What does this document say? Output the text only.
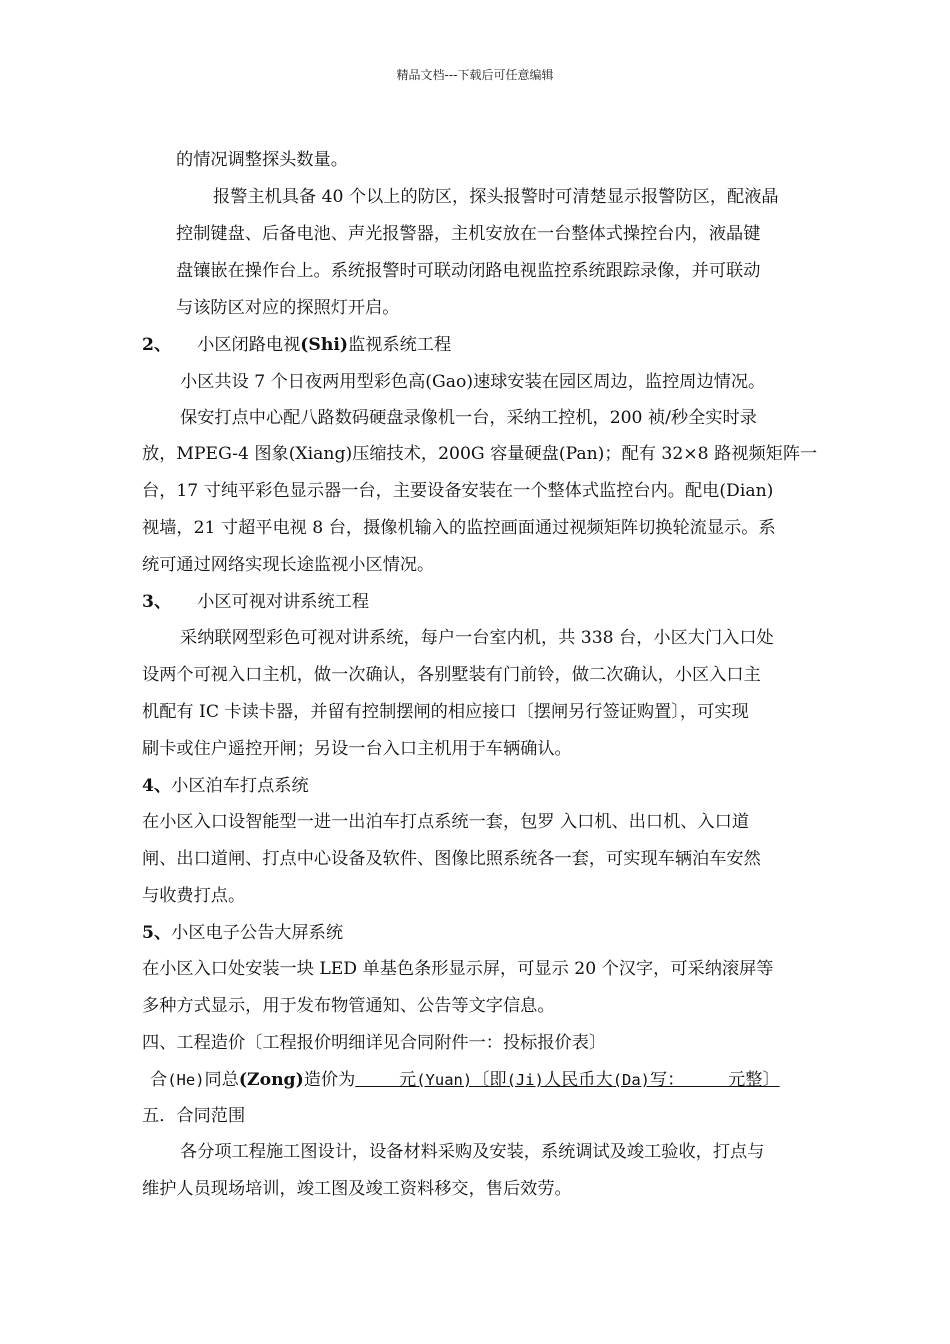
精品文档---下载后可任意编辑
的情况调整探头数量。
报警主机具备 40 个以上的防区，探头报警时可清楚显示报警防区，配液晶
控制键盘、后备电池、声光报警器，主机安放在一台整体式操控台内，液晶键
盘镶嵌在操作台上。系统报警时可联动闭路电视监控系统跟踪录像，并可联动
与该防区对应的探照灯开启。
2、 小区闭路电视(Shi)监视系统工程
小区共设 7 个日夜两用型彩色高(Gao)速球安装在园区周边，监控周边情况。
保安打点中心配八路数码硬盘录像机一台，采纳工控机，200 祯/秒全实时录
放，MPEG-4 图象(Xiang)压缩技术，200G 容量硬盘(Pan)；配有 32×8 路视频矩阵一
台，17 寸纯平彩色显示器一台，主要设备安装在一个整体式监控台内。配电(Dian)
视墙，21 寸超平电视 8 台，摄像机输入的监控画面通过视频矩阵切换轮流显示。系
统可通过网络实现长途监视小区情况。
3、 小区可视对讲系统工程
采纳联网型彩色可视对讲系统，每户一台室内机，共 338 台，小区大门入口处
设两个可视入口主机，做一次确认，各别墅装有门前铃，做二次确认，小区入口主
机配有 IC 卡读卡器，并留有控制摆闸的相应接口〔摆闸另行签证购置〕，可实现
刷卡或住户遥控开闸；另设一台入口主机用于车辆确认。
4、小区泊车打点系统
在小区入口设智能型一进一出泊车打点系统一套，包罗 入口机、出口机、入口道
闸、出口道闸、打点中心设备及软件、图像比照系统各一套，可实现车辆泊车安然
与收费打点。
5、小区电子公告大屏系统
在小区入口处安装一块 LED 单基色条形显示屏，可显示 20 个汉字，可采纳滚屏等
多种方式显示，用于发布物管通知、公告等文字信息。
四、工程造价〔工程报价明细详见合同附件一：投标报价表〕
合(He)同总(Zong)造价为        元(Yuan)〔即(Ji)人民币大(Da)写：        元整〕
五．合同范围
各分项工程施工图设计，设备材料采购及安装，系统调试及竣工验收，打点与
维护人员现场培训，竣工图及竣工资料移交，售后效劳。
